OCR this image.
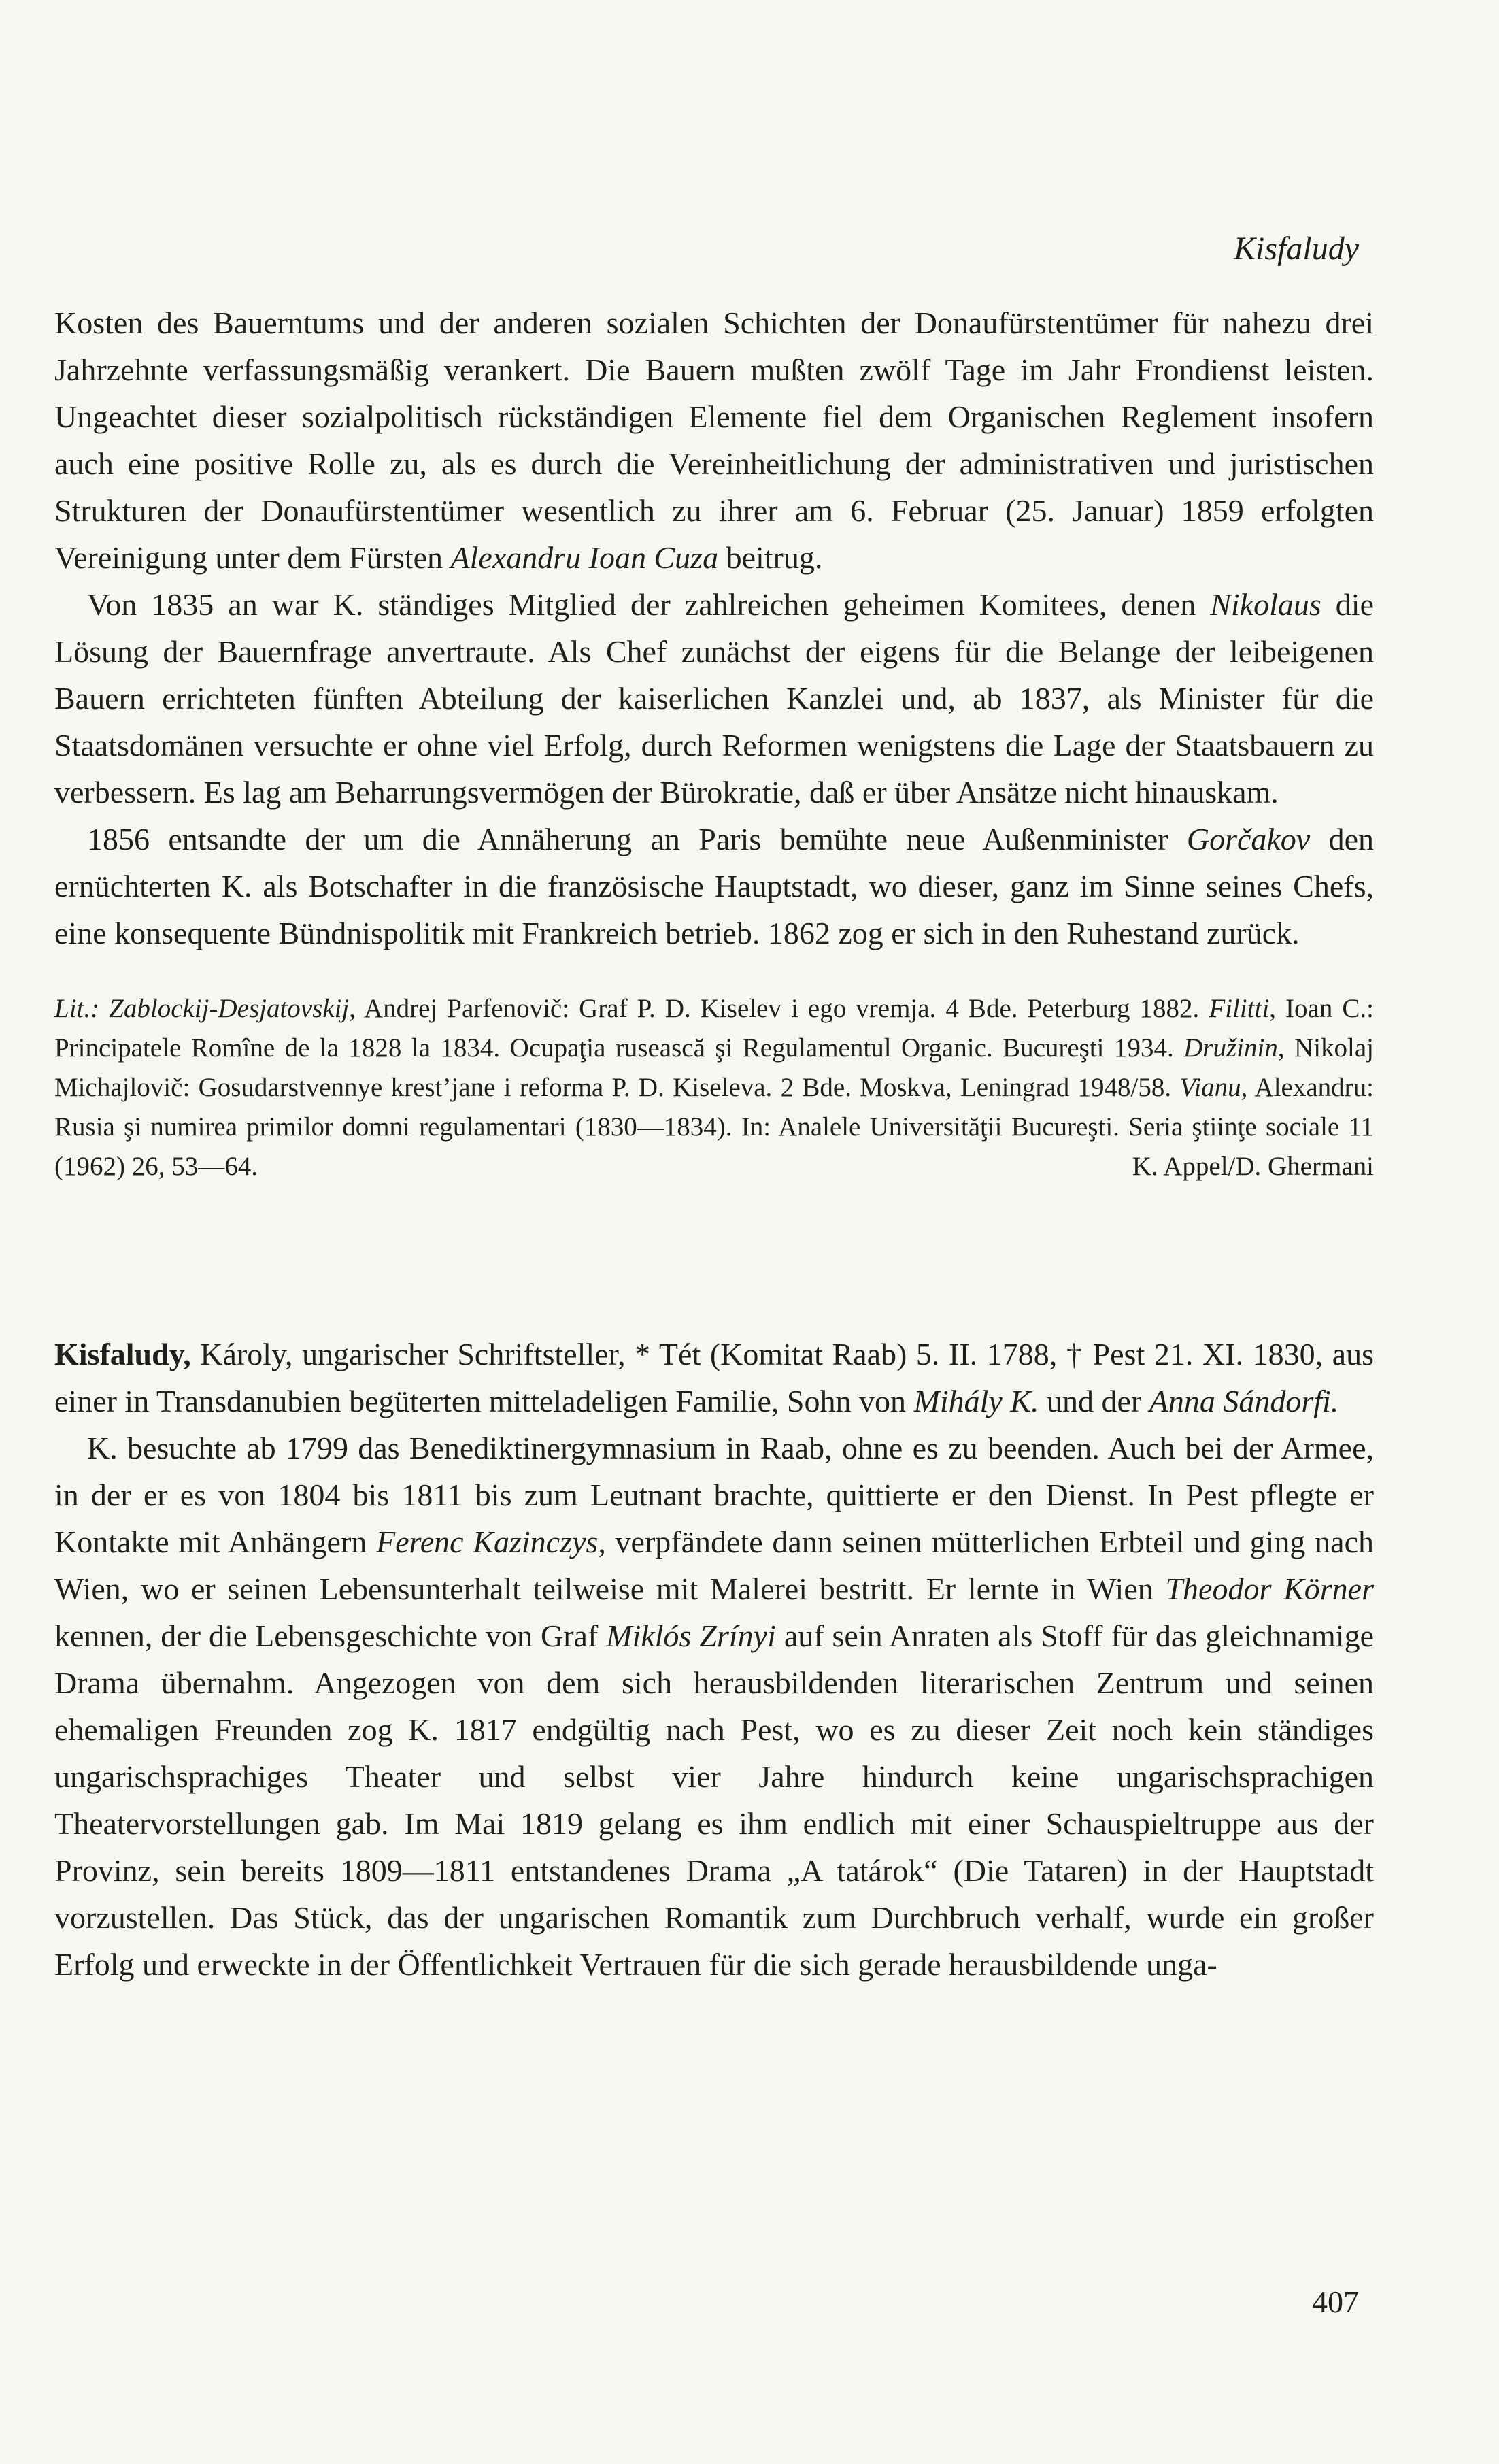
Kisfaludy

Kosten des Bauerntums und der anderen sozialen Schichten der Donaufürstentümer für nahezu drei Jahrzehnte verfassungsmäßig verankert. Die Bauern mußten zwölf Tage im Jahr Frondienst leisten. Ungeachtet dieser sozialpolitisch rückständigen Elemente fiel dem Organischen Reglement insofern auch eine positive Rolle zu, als es durch die Vereinheitlichung der administrativen und juristischen Strukturen der Donaufürstentümer wesentlich zu ihrer am 6. Februar (25. Januar) 1859 erfolgten Vereinigung unter dem Fürsten Alexandru Ioan Cuza beitrug.

Von 1835 an war K. ständiges Mitglied der zahlreichen geheimen Komitees, denen Nikolaus die Lösung der Bauernfrage anvertraute. Als Chef zunächst der eigens für die Belange der leibeigenen Bauern errichteten fünften Abteilung der kaiserlichen Kanzlei und, ab 1837, als Minister für die Staatsdomänen versuchte er ohne viel Erfolg, durch Reformen wenigstens die Lage der Staatsbauern zu verbessern. Es lag am Beharrungsvermögen der Bürokratie, daß er über Ansätze nicht hinauskam.

1856 entsandte der um die Annäherung an Paris bemühte neue Außenminister Gorčakov den ernüchterten K. als Botschafter in die französische Hauptstadt, wo dieser, ganz im Sinne seines Chefs, eine konsequente Bündnispolitik mit Frankreich betrieb. 1862 zog er sich in den Ruhestand zurück.

Lit.: Zablockij-Desjatovskij, Andrej Parfenovič: Graf P. D. Kiselev i ego vremja. 4 Bde. Peterburg 1882. Filitti, Ioan C.: Principatele Romîne de la 1828 la 1834. Ocupaţia rusească şi Regulamentul Organic. Bucureşti 1934. Družinin, Nikolaj Michajlovič: Gosudarstvennye krest’jane i reforma P. D. Kiseleva. 2 Bde. Moskva, Leningrad 1948/58. Vianu, Alexandru: Rusia şi numirea primilor domni regulamentari (1830—1834). In: Analele Universităţii Bucureşti. Seria ştiinţe sociale 11 (1962) 26, 53—64.	K. Appel/D. Ghermani

Kisfaludy, Károly, ungarischer Schriftsteller, * Tét (Komitat Raab) 5. II. 1788, † Pest 21. XI. 1830, aus einer in Transdanubien begüterten mitteladeligen Familie, Sohn von Mihály K. und der Anna Sándorfi.

K. besuchte ab 1799 das Benediktinergymnasium in Raab, ohne es zu beenden. Auch bei der Armee, in der er es von 1804 bis 1811 bis zum Leutnant brachte, quittierte er den Dienst. In Pest pflegte er Kontakte mit Anhängern Ferenc Kazinczys, verpfändete dann seinen mütterlichen Erbteil und ging nach Wien, wo er seinen Lebensunterhalt teilweise mit Malerei bestritt. Er lernte in Wien Theodor Körner kennen, der die Lebensgeschichte von Graf Miklós Zrínyi auf sein Anraten als Stoff für das gleichnamige Drama übernahm. Angezogen von dem sich herausbildenden literarischen Zentrum und seinen ehemaligen Freunden zog K. 1817 endgültig nach Pest, wo es zu dieser Zeit noch kein ständiges ungarischsprachiges Theater und selbst vier Jahre hindurch keine ungarischsprachigen Theatervorstellungen gab. Im Mai 1819 gelang es ihm endlich mit einer Schauspieltruppe aus der Provinz, sein bereits 1809—1811 entstandenes Drama „A tatárok“ (Die Tataren) in der Hauptstadt vorzustellen. Das Stück, das der ungarischen Romantik zum Durchbruch verhalf, wurde ein großer Erfolg und erweckte in der Öffentlichkeit Vertrauen für die sich gerade herausbildende unga-

407
